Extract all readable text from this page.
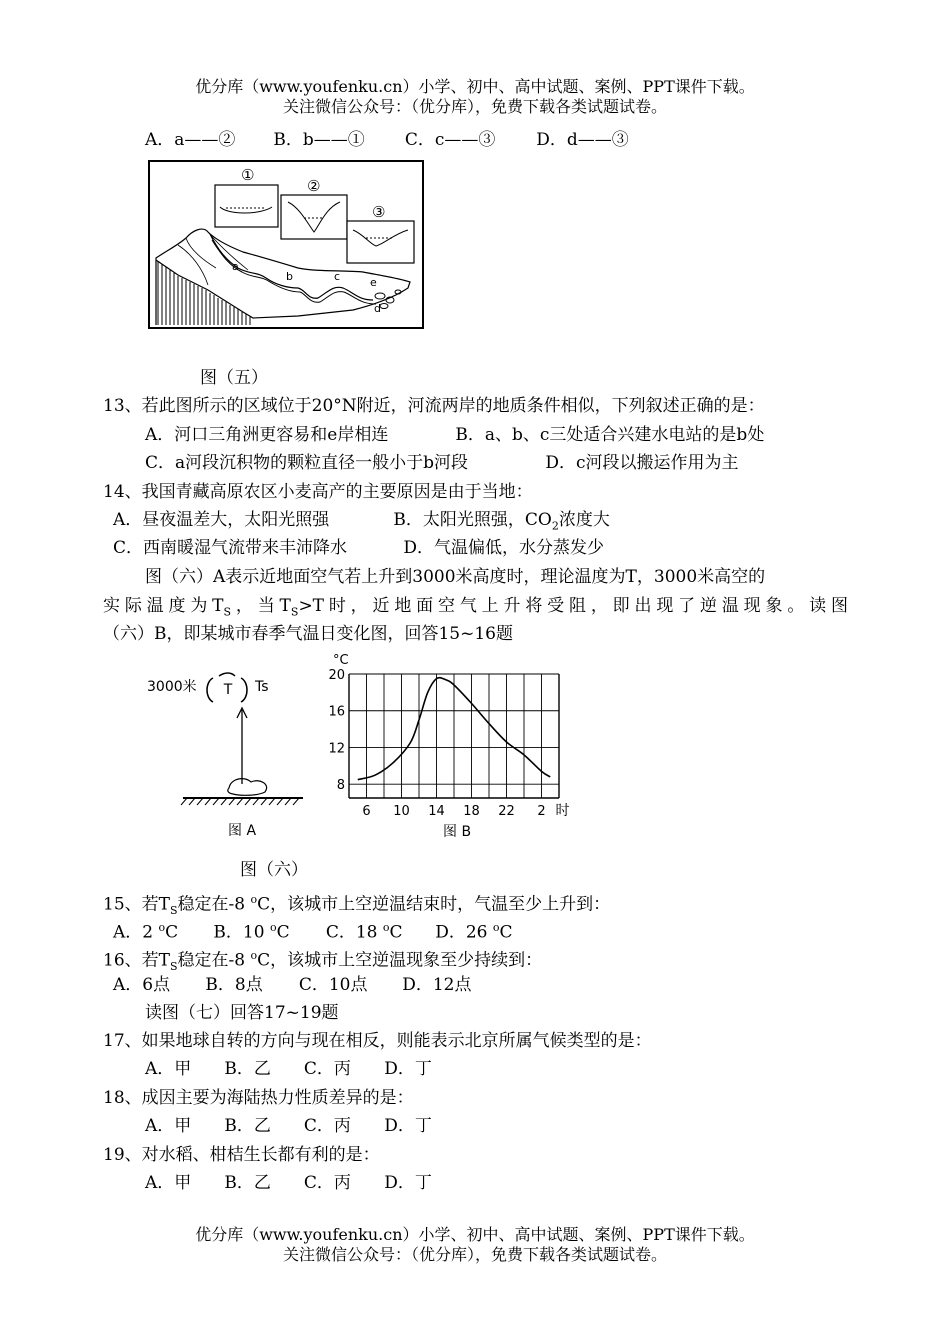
优分库（www.youfenku.cn）小学、初中、高中试题、案例、PPT课件下载。
关注微信公众号：（优分库），免费下载各类试题试卷。
A．a——② B．b——① C．c——③ D．d——③
①
②
③
a
b	c	e
d
图（五）
13、若此图所示的区域位于20°N附近，河流两岸的地质条件相似，下列叙述正确的是：
A．河口三角洲更容易和e岸相连	B．a、b、c三处适合兴建水电站的是b处
C．a河段沉积物的颗粒直径一般小于b河段	D．c河段以搬运作用为主
14、我国青藏高原农区小麦高产的主要原因是由于当地：
A．昼夜温差大，太阳光照强	B．太阳光照强，$CO_2$浓度大
C．西南暖湿气流带来丰沛降水	D．气温偏低，水分蒸发少
图（六）A表示近地面空气若上升到3000米高度时，理论温度为T，3000米高空的
实际温度为$T_S$，当$T_S>T$时，近地面空气上升将受阻，即出现了逆温现象。读图
（六）B，即某城市春季气温日变化图，回答15~16题
3000米 T Ts
图 A
°C
6 10 14 18 22 2
8
12
16
20
时
图 B
图（六）
15、若$T_S$稳定在-8 $^o$C，该城市上空逆温结束时，气温至少上升到：
A．2 $^o$C B．10 $^o$C C．18 $^o$C D．26 $^o$C
16、若$T_S$稳定在-8 $^o$C，该城市上空逆温现象至少持续到：
A．6点 B．8点 C．10点 D．12点
读图（七）回答17~19题
17、如果地球自转的方向与现在相反，则能表示北京所属气候类型的是：
A．甲 B．乙 C．丙 D．丁
18、成因主要为海陆热力性质差异的是：
A．甲 B．乙 C．丙 D．丁
19、对水稻、柑桔生长都有利的是：
A．甲 B．乙 C．丙 D．丁
优分库（www.youfenku.cn）小学、初中、高中试题、案例、PPT课件下载。
关注微信公众号：（优分库），免费下载各类试题试卷。
